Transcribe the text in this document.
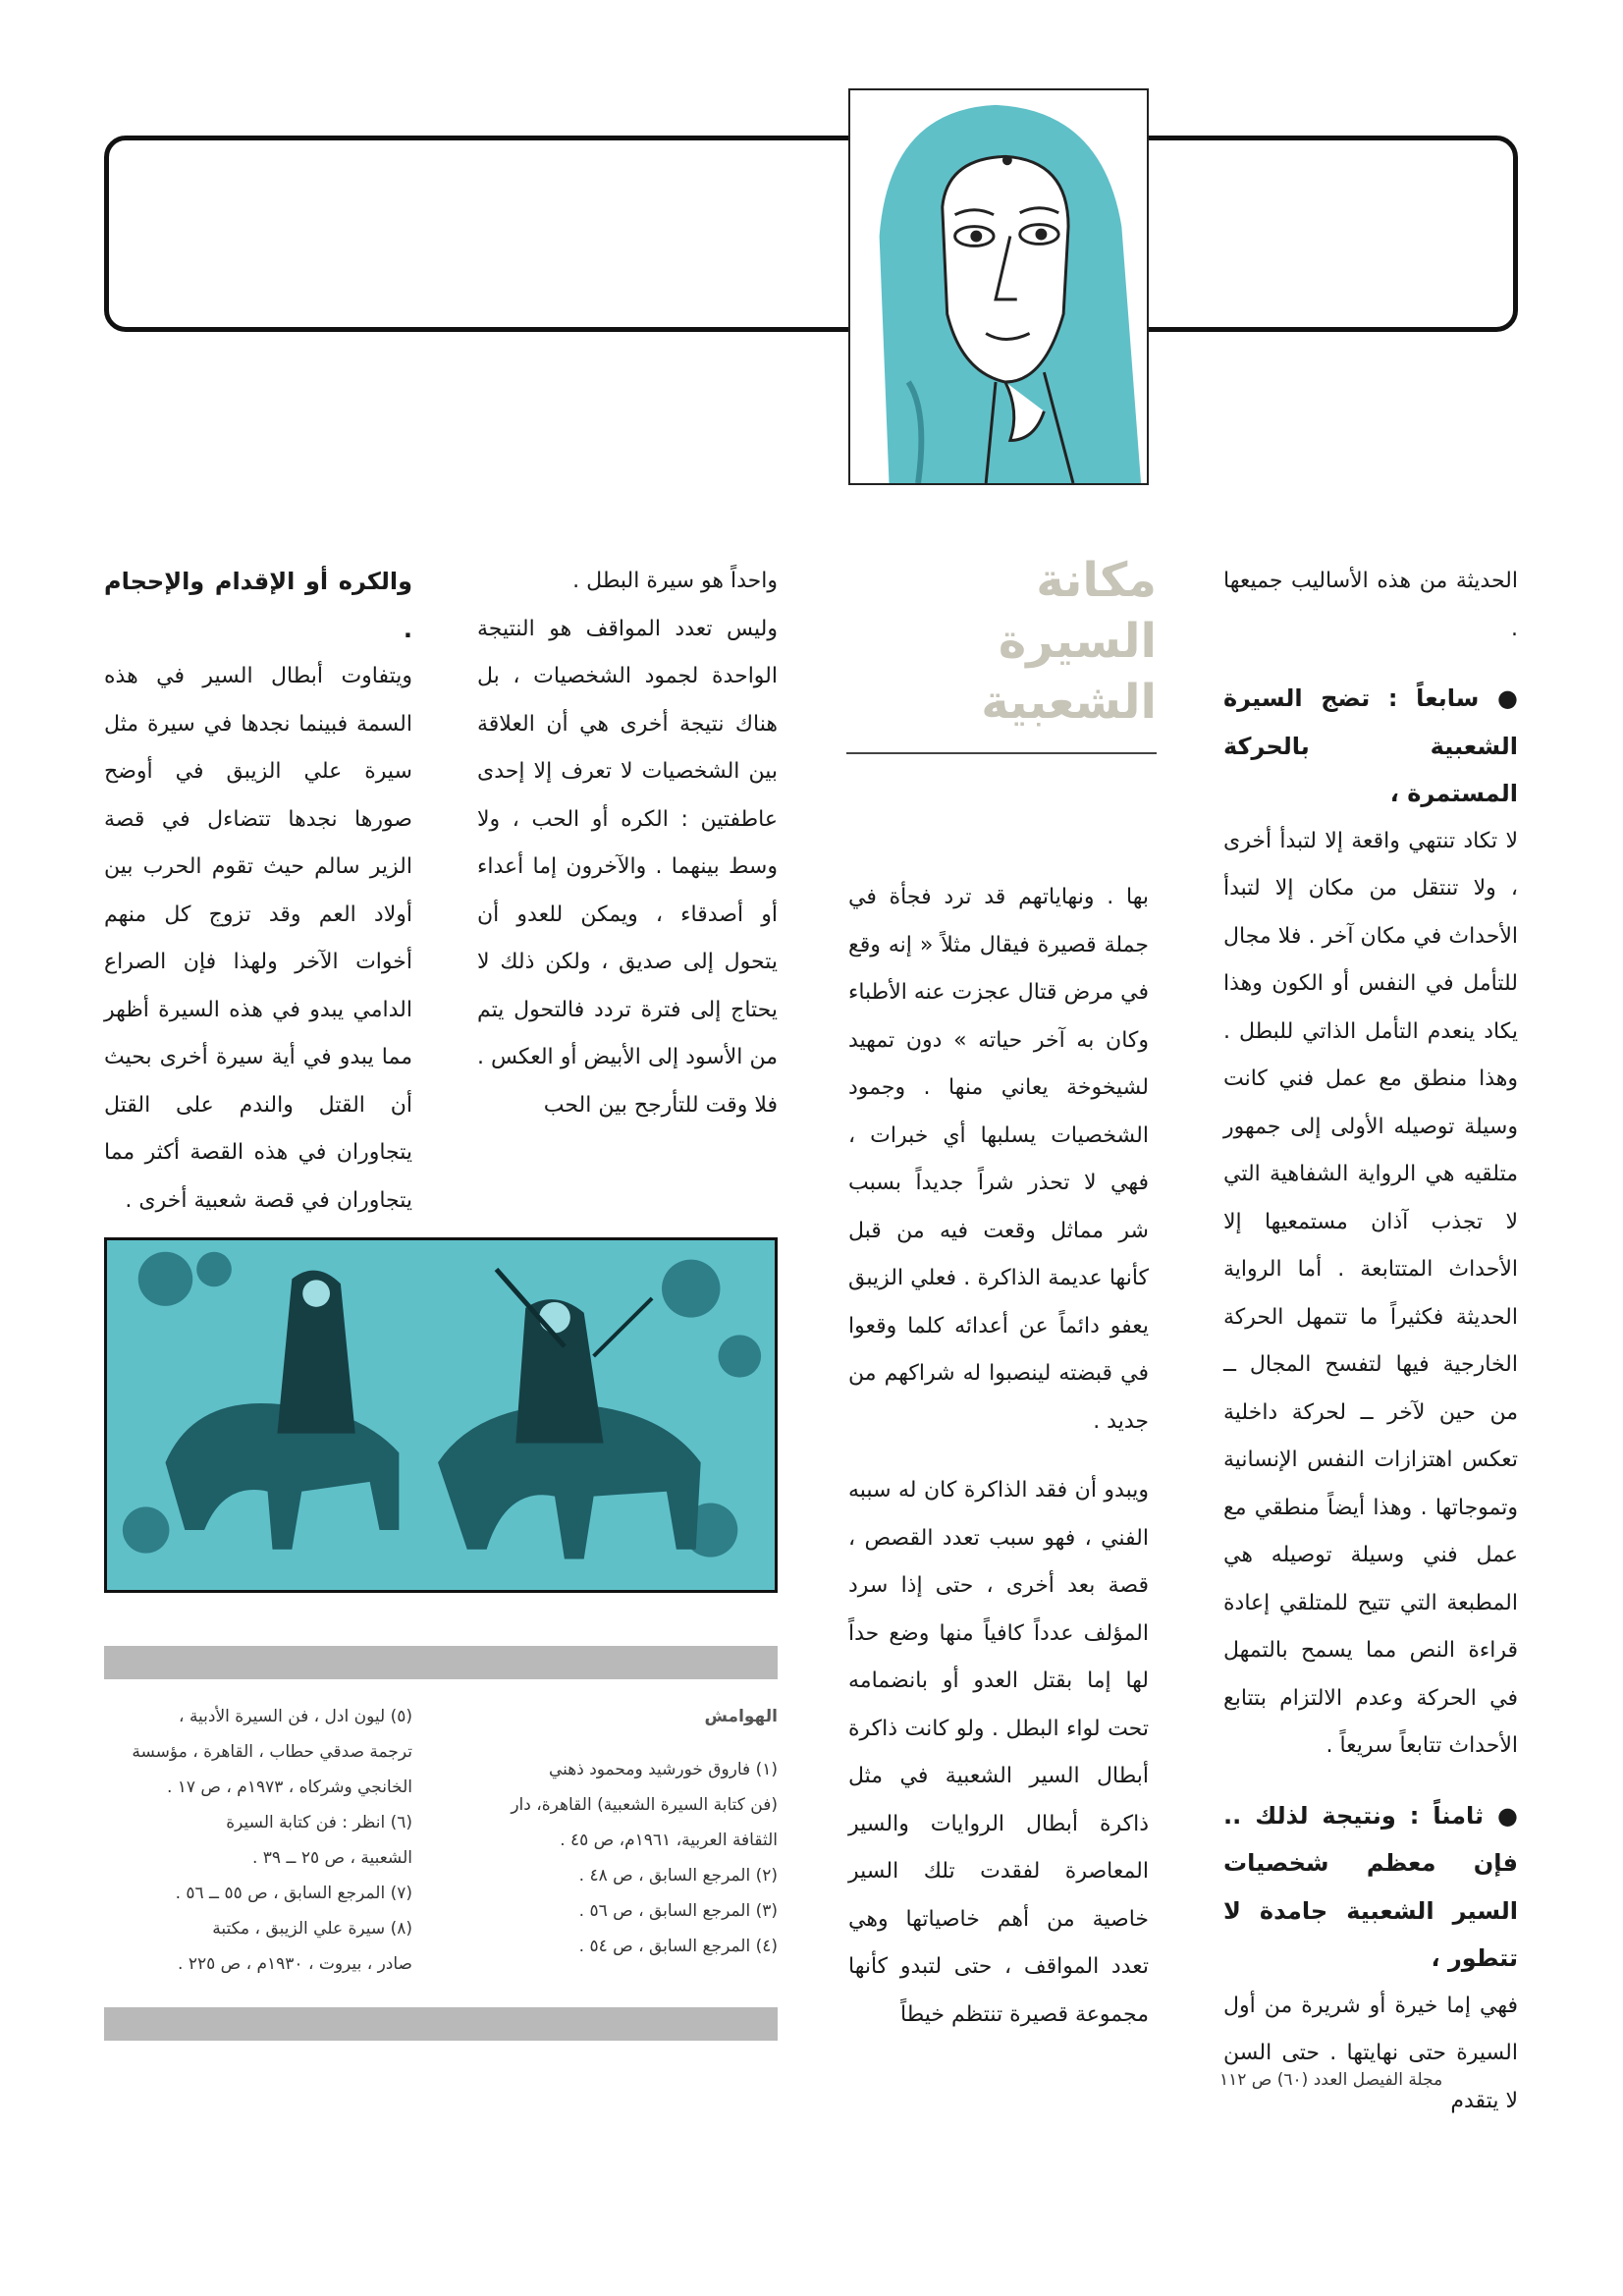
مكانة
السيرة
الشعبية

الحديثة من هذه الأساليب جميعها .

● سابعاً : تضج السيرة الشعبية بالحركة المستمرة ،

لا تكاد تنتهي واقعة إلا لتبدأ أخرى ، ولا تنتقل من مكان إلا لتبدأ الأحداث في مكان آخر . فلا مجال للتأمل في النفس أو الكون وهذا يكاد ينعدم التأمل الذاتي للبطل . وهذا منطق مع عمل فني كانت وسيلة توصيله الأولى إلى جمهور متلقيه هي الرواية الشفاهية التي لا تجذب آذان مستمعيها إلا الأحداث المتتابعة . أما الرواية الحديثة فكثيراً ما تتمهل الحركة الخارجية فيها لتفسح المجال ــ من حين لآخر ــ لحركة داخلية تعكس اهتزازات النفس الإنسانية وتموجاتها . وهذا أيضاً منطقي مع عمل فني وسيلة توصيله هي المطبعة التي تتيح للمتلقي إعادة قراءة النص مما يسمح بالتمهل في الحركة وعدم الالتزام بتتابع الأحداث تتابعاً سريعاً .

● ثامناً : ونتيجة لذلك .. فإن معظم شخصيات السير الشعبية جامدة لا تتطور ،

فهي إما خيرة أو شريرة من أول السيرة حتى نهايتها . حتى السن لا يتقدم

بها . ونهاياتهم قد ترد فجأة في جملة قصيرة فيقال مثلاً « إنه وقع في مرض قتال عجزت عنه الأطباء وكان به آخر حياته » دون تمهيد لشيخوخة يعاني منها . وجمود الشخصيات يسلبها أي خبرات ، فهي لا تحذر شراً جديداً بسبب شر مماثل وقعت فيه من قبل كأنها عديمة الذاكرة . فعلي الزيبق يعفو دائماً عن أعدائه كلما وقعوا في قبضته لينصبوا له شراكهم من جديد .

ويبدو أن فقد الذاكرة كان له سببه الفني ، فهو سبب تعدد القصص ، قصة بعد أخرى ، حتى إذا سرد المؤلف عدداً كافياً منها وضع حداً لها إما بقتل العدو أو بانضمامه تحت لواء البطل . ولو كانت ذاكرة أبطال السير الشعبية في مثل ذاكرة أبطال الروايات والسير المعاصرة لفقدت تلك السير خاصية من أهم خاصياتها وهي تعدد المواقف ، حتى لتبدو كأنها مجموعة قصيرة تنتظم خيطاً

واحداً هو سيرة البطل .

وليس تعدد المواقف هو النتيجة الواحدة لجمود الشخصيات ، بل هناك نتيجة أخرى هي أن العلاقة بين الشخصيات لا تعرف إلا إحدى عاطفتين : الكره أو الحب ، ولا وسط بينهما . والآخرون إما أعداء أو أصدقاء ، ويمكن للعدو أن يتحول إلى صديق ، ولكن ذلك لا يحتاج إلى فترة تردد فالتحول يتم من الأسود إلى الأبيض أو العكس . فلا وقت للتأرجح بين الحب

والكره أو الإقدام والإحجام .

ويتفاوت أبطال السير في هذه السمة فبينما نجدها في سيرة مثل سيرة علي الزيبق في أوضح صورها نجدها تتضاءل في قصة الزير سالم حيث تقوم الحرب بين أولاد العم وقد تزوج كل منهم أخوات الآخر ولهذا فإن الصراع الدامي يبدو في هذه السيرة أظهر مما يبدو في أية سيرة أخرى بحيث أن القتل والندم على القتل يتجاوران في هذه القصة أكثر مما يتجاوران في قصة شعبية أخرى .

الهوامش

(١) فاروق خورشيد ومحمود ذهني

(فن كتابة السيرة الشعبية) القاهرة، دار

الثقافة العربية، ١٩٦١م، ص ٤٥ .

(٢) المرجع السابق ، ص ٤٨ .

(٣) المرجع السابق ، ص ٥٦ .

(٤) المرجع السابق ، ص ٥٤ .

(٥) ليون ادل ، فن السيرة الأدبية ،

ترجمة صدقي حطاب ، القاهرة ، مؤسسة

الخانجي وشركاه ، ١٩٧٣م ، ص ١٧ .

(٦) انظر : فن كتابة السيرة

الشعبية ، ص ٢٥ ــ ٣٩ .

(٧) المرجع السابق ، ص ٥٥ ــ ٥٦ .

(٨) سيرة علي الزيبق ، مكتبة

صادر ، بيروت ، ١٩٣٠م ، ص ٢٢٥ .

مجلة الفيصل العدد (٦٠) ص ١١٢
